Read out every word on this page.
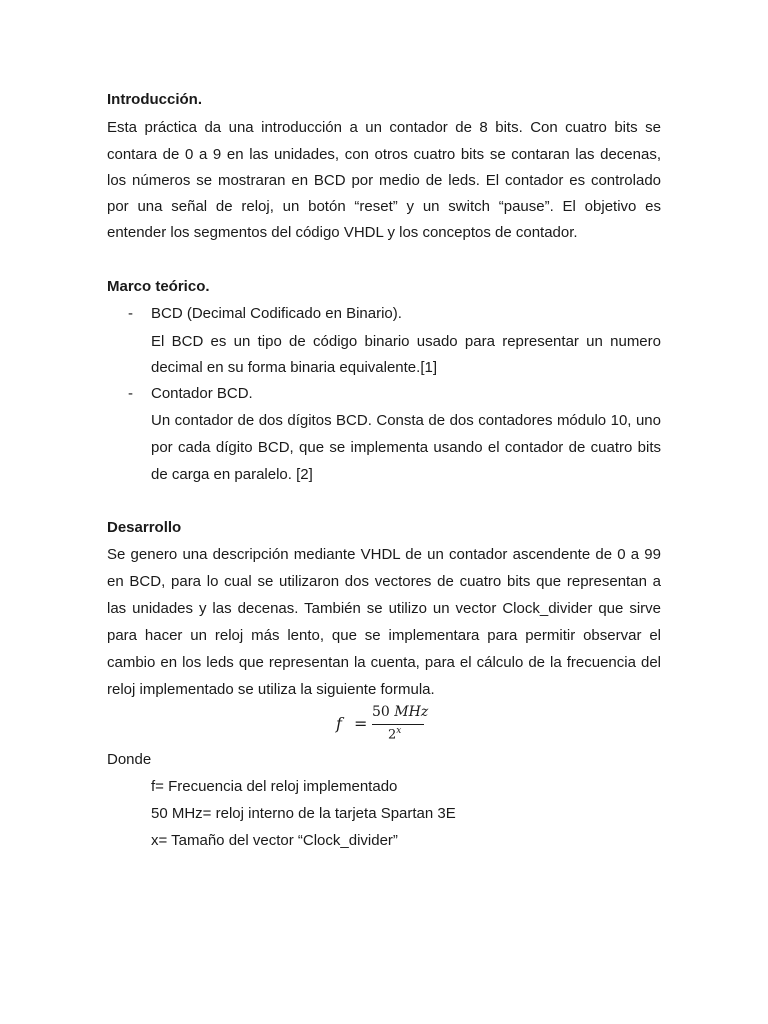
Introducción.
Esta práctica da una introducción a un contador de 8 bits. Con cuatro bits se
contara de 0 a 9 en las unidades, con otros cuatro bits se contaran las decenas,
los números se mostraran en BCD por medio de leds. El contador es controlado
por una señal de reloj, un botón “reset” y un switch “pause”. El objetivo es
entender los segmentos del código VHDL y los conceptos de contador.
Marco teórico.
- BCD (Decimal Codificado en Binario).
El BCD es un tipo de código binario usado para representar un numero
decimal en su forma binaria equivalente.[1]
- Contador BCD.
Un contador de dos dígitos BCD. Consta de dos contadores módulo 10, uno
por cada dígito BCD, que se implementa usando el contador de cuatro bits
de carga en paralelo. [2]
Desarrollo
Se genero una descripción mediante VHDL de un contador ascendente de 0 a 99
en BCD, para lo cual se utilizaron dos vectores de cuatro bits que representan a
las unidades y las decenas. También se utilizo un vector Clock_divider que sirve
para hacer un reloj más lento, que se implementara para permitir observar el
cambio en los leds que representan la cuenta, para el cálculo de la frecuencia del
reloj implementado se utiliza la siguiente formula.
f =
50 MHz
2$^x$
Donde
f= Frecuencia del reloj implementado
50 MHz= reloj interno de la tarjeta Spartan 3E
x= Tamaño del vector “Clock_divider”
